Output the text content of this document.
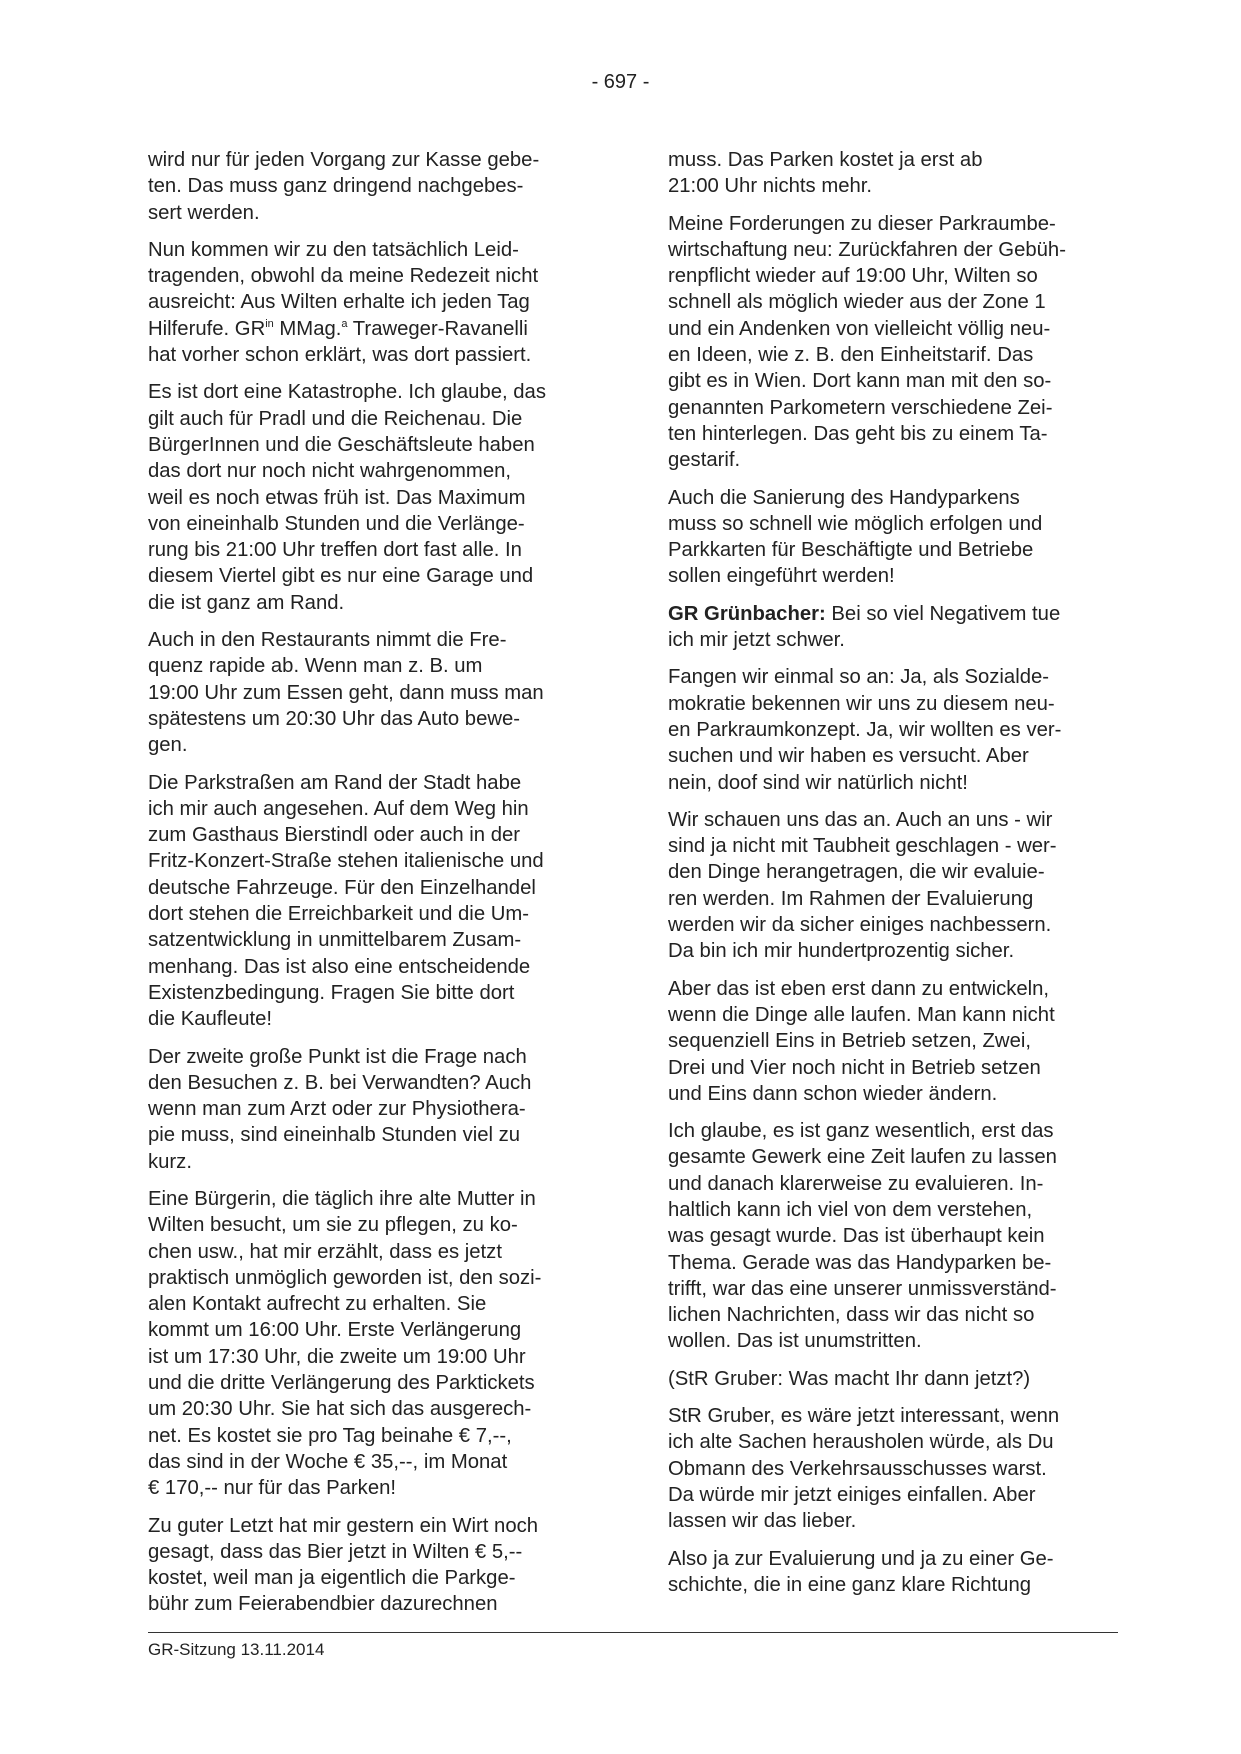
- 697 -

wird nur für jeden Vorgang zur Kasse gebe-
ten. Das muss ganz dringend nachgebes-
sert werden.

Nun kommen wir zu den tatsächlich Leid-
tragenden, obwohl da meine Redezeit nicht
ausreicht: Aus Wilten erhalte ich jeden Tag
Hilferufe. $GR^{in}$ MMag.$^a$ Traweger-Ravanelli
hat vorher schon erklärt, was dort passiert.

Es ist dort eine Katastrophe. Ich glaube, das
gilt auch für Pradl und die Reichenau. Die
BürgerInnen und die Geschäftsleute haben
das dort nur noch nicht wahrgenommen,
weil es noch etwas früh ist. Das Maximum
von eineinhalb Stunden und die Verlänge-
rung bis 21:00 Uhr treffen dort fast alle. In
diesem Viertel gibt es nur eine Garage und
die ist ganz am Rand.

Auch in den Restaurants nimmt die Fre-
quenz rapide ab. Wenn man z. B. um
19:00 Uhr zum Essen geht, dann muss man
spätestens um 20:30 Uhr das Auto bewe-
gen.

Die Parkstraßen am Rand der Stadt habe
ich mir auch angesehen. Auf dem Weg hin
zum Gasthaus Bierstindl oder auch in der
Fritz-Konzert-Straße stehen italienische und
deutsche Fahrzeuge. Für den Einzelhandel
dort stehen die Erreichbarkeit und die Um-
satzentwicklung in unmittelbarem Zusam-
menhang. Das ist also eine entscheidende
Existenzbedingung. Fragen Sie bitte dort
die Kaufleute!

Der zweite große Punkt ist die Frage nach
den Besuchen z. B. bei Verwandten? Auch
wenn man zum Arzt oder zur Physiothera-
pie muss, sind eineinhalb Stunden viel zu
kurz.

Eine Bürgerin, die täglich ihre alte Mutter in
Wilten besucht, um sie zu pflegen, zu ko-
chen usw., hat mir erzählt, dass es jetzt
praktisch unmöglich geworden ist, den sozi-
alen Kontakt aufrecht zu erhalten. Sie
kommt um 16:00 Uhr. Erste Verlängerung
ist um 17:30 Uhr, die zweite um 19:00 Uhr
und die dritte Verlängerung des Parktickets
um 20:30 Uhr. Sie hat sich das ausgerech-
net. Es kostet sie pro Tag beinahe € 7,--,
das sind in der Woche € 35,--, im Monat
€ 170,-- nur für das Parken!

Zu guter Letzt hat mir gestern ein Wirt noch
gesagt, dass das Bier jetzt in Wilten € 5,--
kostet, weil man ja eigentlich die Parkge-
bühr zum Feierabendbier dazurechnen

muss. Das Parken kostet ja erst ab
21:00 Uhr nichts mehr.

Meine Forderungen zu dieser Parkraumbe-
wirtschaftung neu: Zurückfahren der Gebüh-
renpflicht wieder auf 19:00 Uhr, Wilten so
schnell als möglich wieder aus der Zone 1
und ein Andenken von vielleicht völlig neu-
en Ideen, wie z. B. den Einheitstarif. Das
gibt es in Wien. Dort kann man mit den so-
genannten Parkometern verschiedene Zei-
ten hinterlegen. Das geht bis zu einem Ta-
gestarif.

Auch die Sanierung des Handyparkens
muss so schnell wie möglich erfolgen und
Parkkarten für Beschäftigte und Betriebe
sollen eingeführt werden!

GR Grünbacher: Bei so viel Negativem tue
ich mir jetzt schwer.

Fangen wir einmal so an: Ja, als Sozialde-
mokratie bekennen wir uns zu diesem neu-
en Parkraumkonzept. Ja, wir wollten es ver-
suchen und wir haben es versucht. Aber
nein, doof sind wir natürlich nicht!

Wir schauen uns das an. Auch an uns - wir
sind ja nicht mit Taubheit geschlagen - wer-
den Dinge herangetragen, die wir evaluie-
ren werden. Im Rahmen der Evaluierung
werden wir da sicher einiges nachbessern.
Da bin ich mir hundertprozentig sicher.

Aber das ist eben erst dann zu entwickeln,
wenn die Dinge alle laufen. Man kann nicht
sequenziell Eins in Betrieb setzen, Zwei,
Drei und Vier noch nicht in Betrieb setzen
und Eins dann schon wieder ändern.

Ich glaube, es ist ganz wesentlich, erst das
gesamte Gewerk eine Zeit laufen zu lassen
und danach klarerweise zu evaluieren. In-
haltlich kann ich viel von dem verstehen,
was gesagt wurde. Das ist überhaupt kein
Thema. Gerade was das Handyparken be-
trifft, war das eine unserer unmissverständ-
lichen Nachrichten, dass wir das nicht so
wollen. Das ist unumstritten.

(StR Gruber: Was macht Ihr dann jetzt?)

StR Gruber, es wäre jetzt interessant, wenn
ich alte Sachen herausholen würde, als Du
Obmann des Verkehrsausschusses warst.
Da würde mir jetzt einiges einfallen. Aber
lassen wir das lieber.

Also ja zur Evaluierung und ja zu einer Ge-
schichte, die in eine ganz klare Richtung

GR-Sitzung 13.11.2014
